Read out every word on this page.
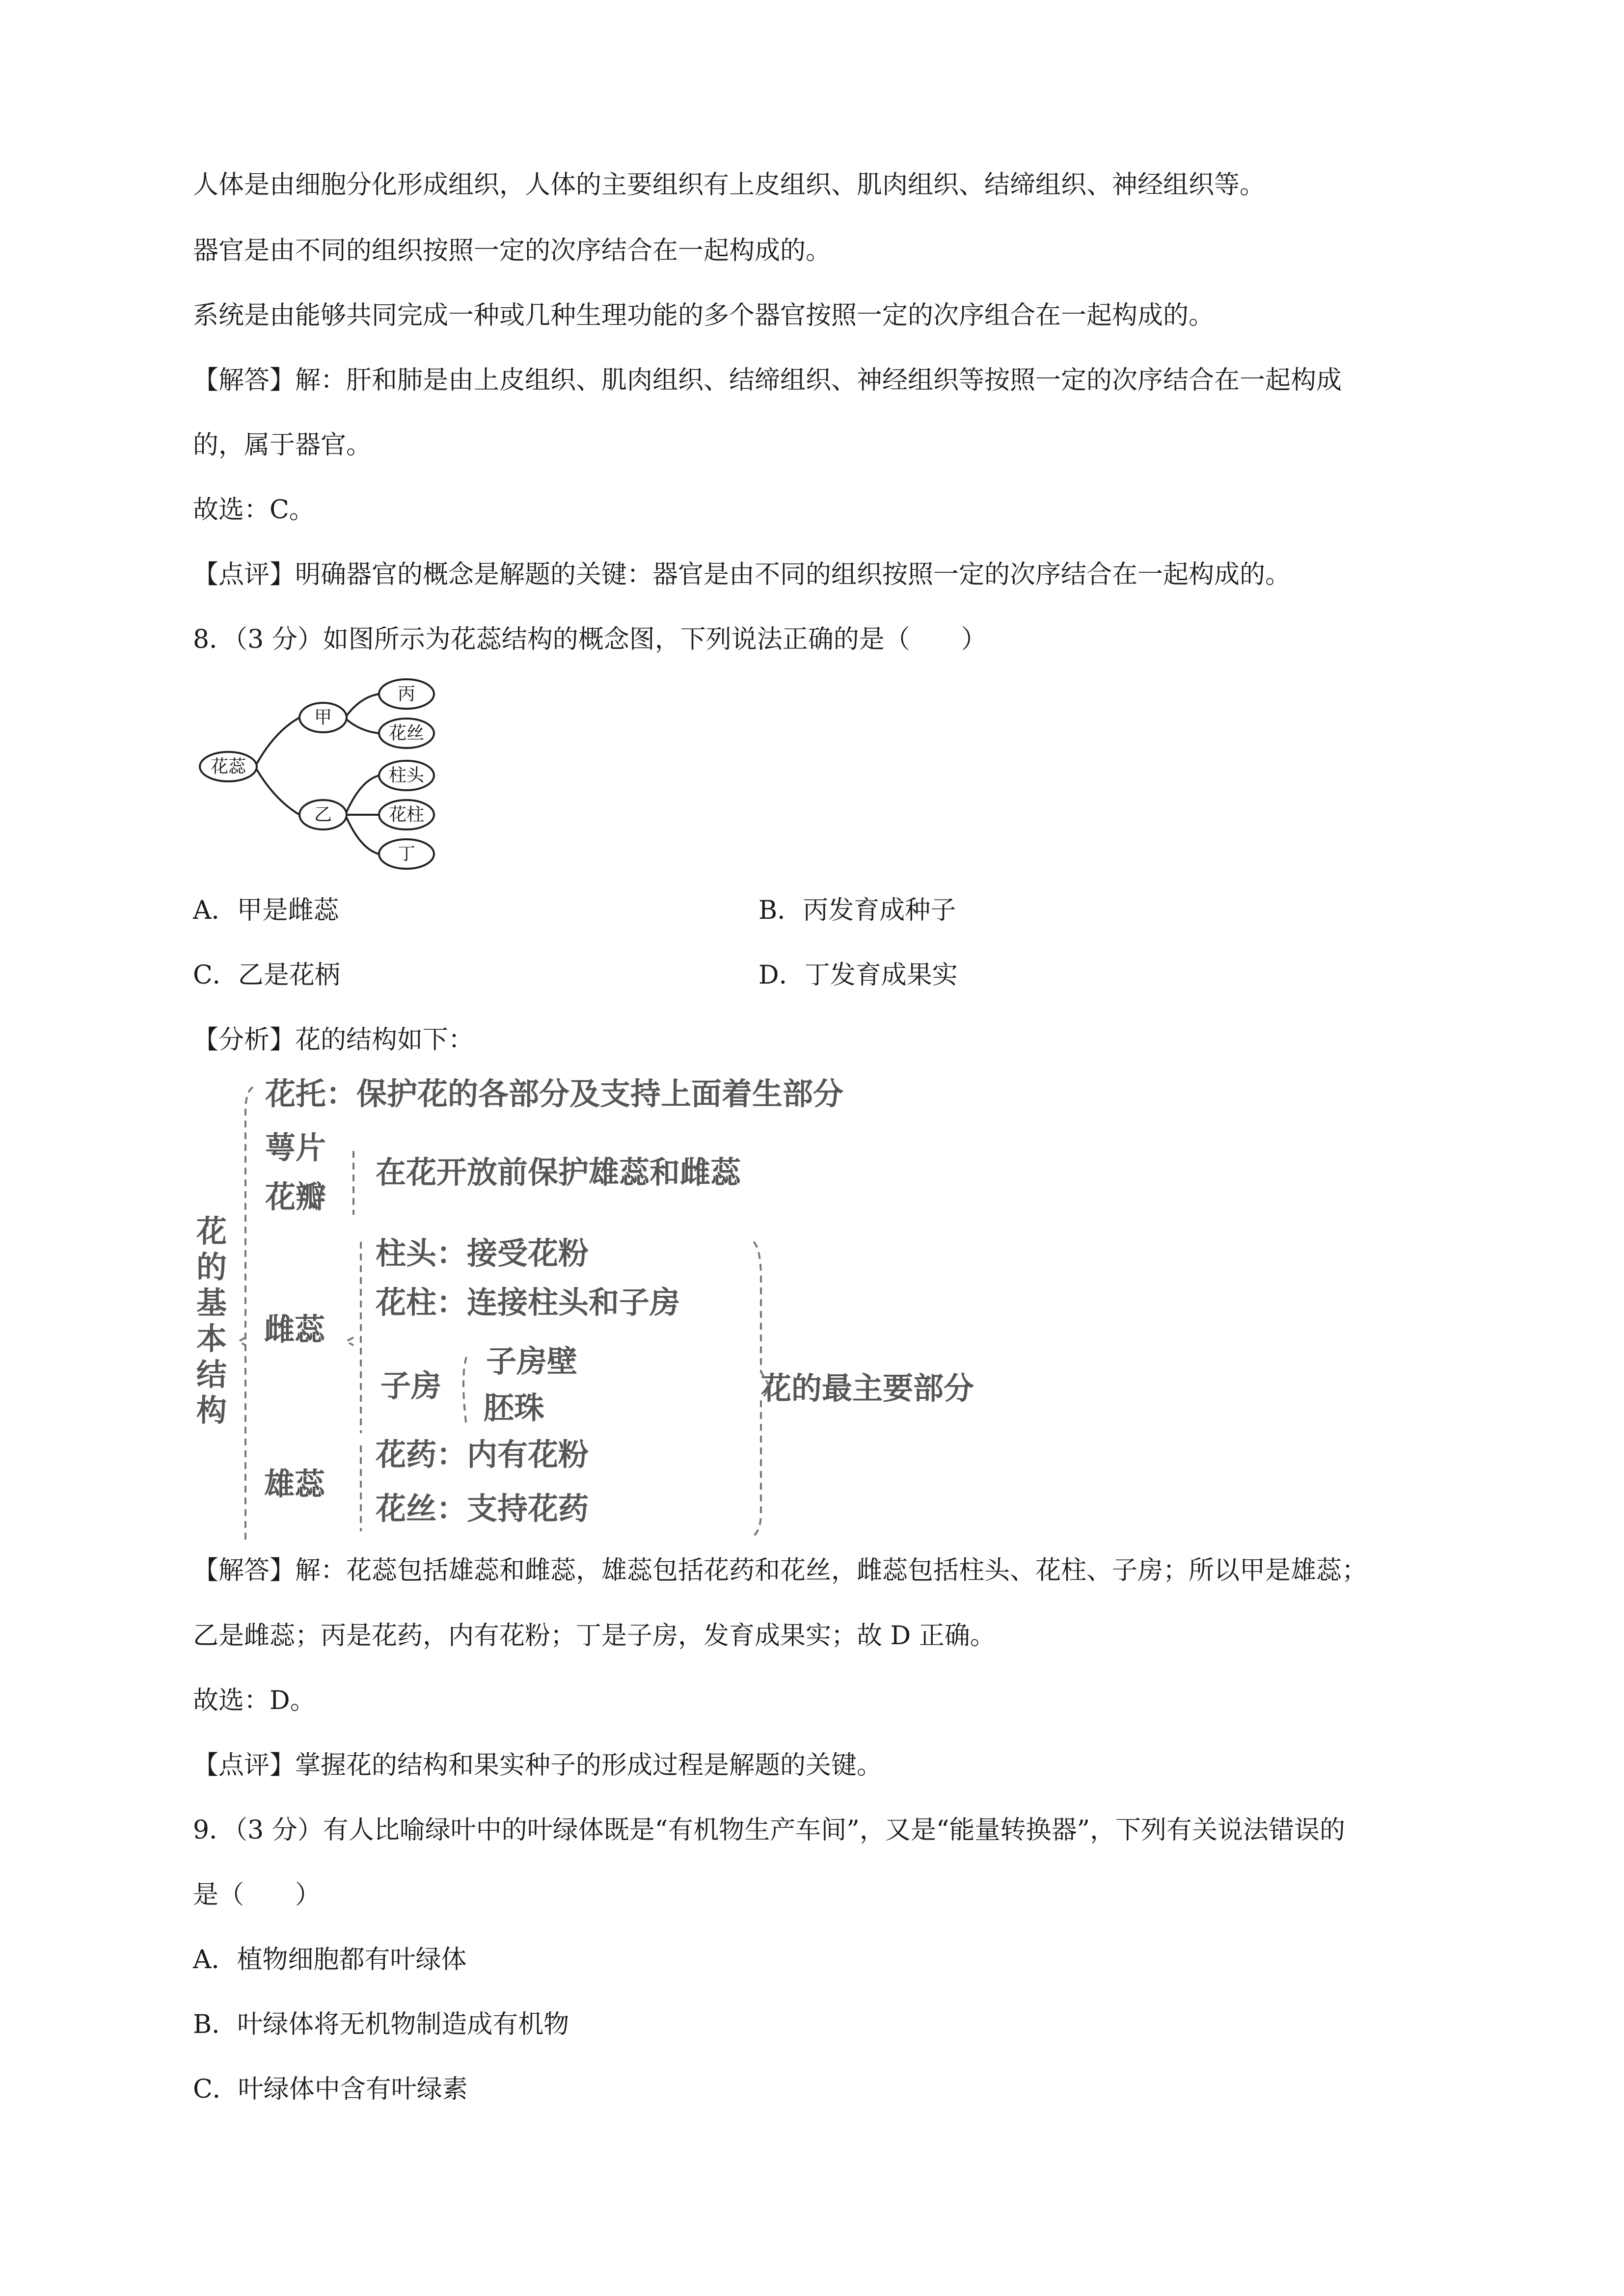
人体是由细胞分化形成组织，人体的主要组织有上皮组织、肌肉组织、结缔组织、神经组织等。
器官是由不同的组织按照一定的次序结合在一起构成的。
系统是由能够共同完成一种或几种生理功能的多个器官按照一定的次序组合在一起构成的。
【解答】解：肝和肺是由上皮组织、肌肉组织、结缔组织、神经组织等按照一定的次序结合在一起构成
的，属于器官。
故选：C。
【点评】明确器官的概念是解题的关键：器官是由不同的组织按照一定的次序结合在一起构成的。
8．（3 分）如图所示为花蕊结构的概念图，下列说法正确的是（　　）
花蕊
甲
乙
丙
花丝
柱头
花柱
丁
A．甲是雌蕊	B．丙发育成种子
C．乙是花柄	D．丁发育成果实
【分析】花的结构如下：
花
的
基
本
结
构
花托：保护花的各部分及支持上面着生部分
萼片
花瓣
在花开放前保护雄蕊和雌蕊
柱头：接受花粉
花柱：连接柱头和子房
雌蕊
子房
子房壁
胚珠
花药：内有花粉
花丝：支持花药
雄蕊
花的最主要部分
【解答】解：花蕊包括雄蕊和雌蕊，雄蕊包括花药和花丝，雌蕊包括柱头、花柱、子房；所以甲是雄蕊；
乙是雌蕊；丙是花药，内有花粉；丁是子房，发育成果实；故 D 正确。
故选：D。
【点评】掌握花的结构和果实种子的形成过程是解题的关键。
9．（3 分）有人比喻绿叶中的叶绿体既是“有机物生产车间”，又是“能量转换器”，下列有关说法错误的
是（　　）
A．植物细胞都有叶绿体
B．叶绿体将无机物制造成有机物
C．叶绿体中含有叶绿素
